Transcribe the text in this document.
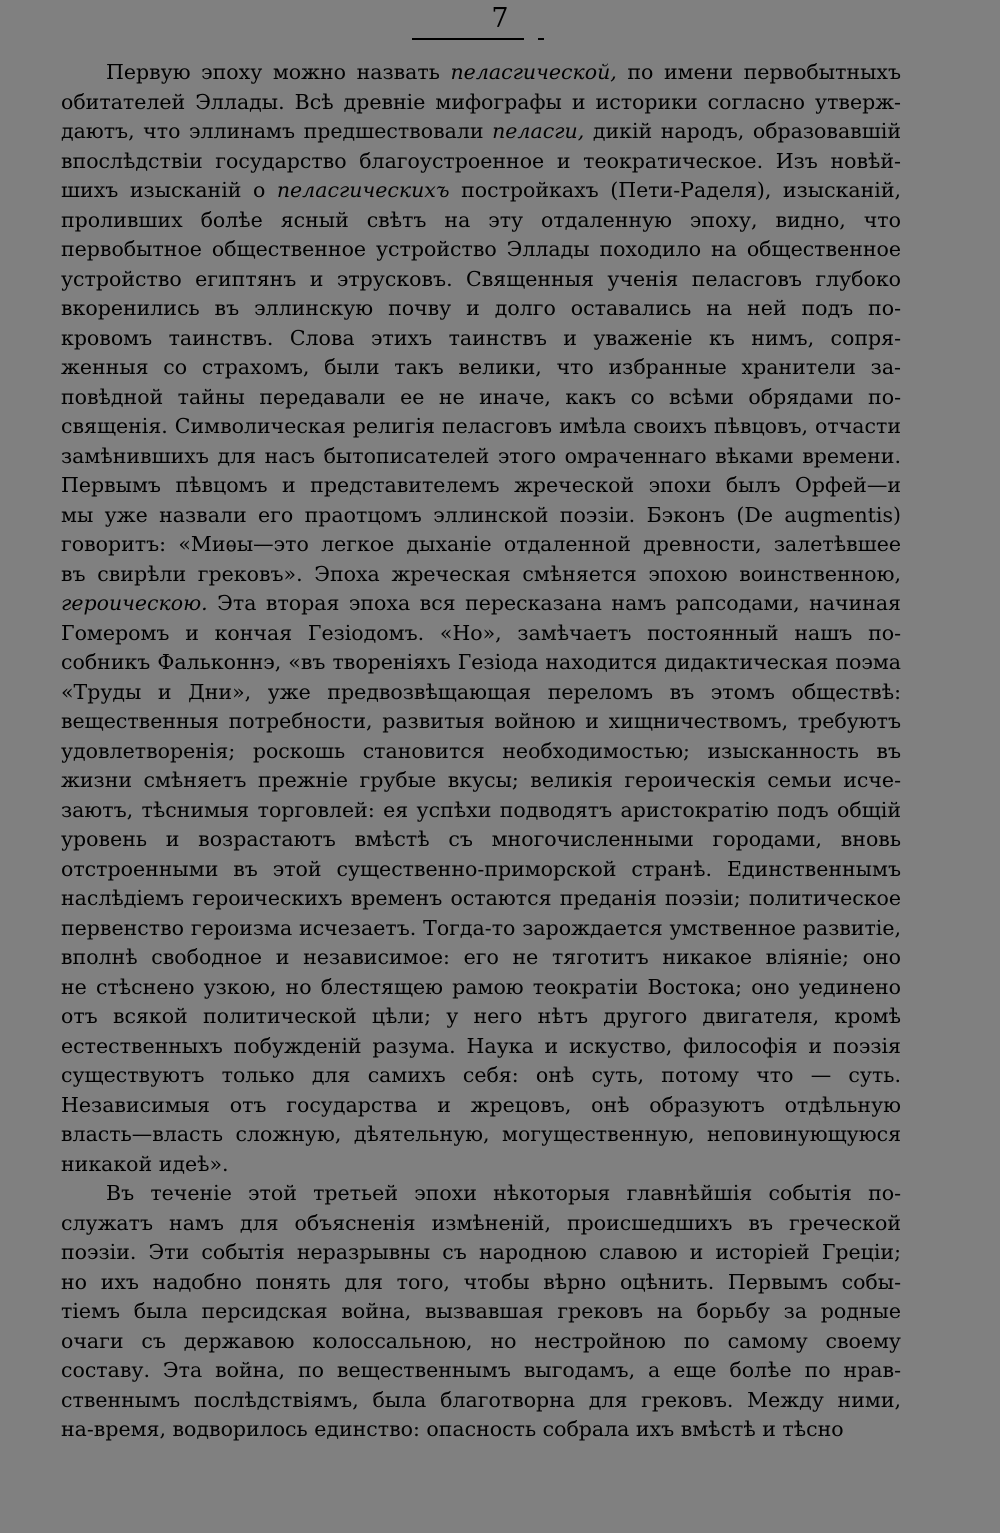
7
Первую эпоху можно назвать пеласгической, по имени первобытныхъ
обитателей Эллады. Всѣ древніе мифографы и историки согласно утверж-
даютъ, что эллинамъ предшествовали пеласги, дикій народъ, образовавшій
впослѣдствіи государство благоустроенное и теократическое. Изъ новѣй-
шихъ изысканій о пеласгическихъ постройкахъ (Пети-Раделя), изысканій,
проливших болѣе ясный свѣтъ на эту отдаленную эпоху, видно, что
первобытное общественное устройство Эллады походило на общественное
устройство египтянъ и этрусковъ. Священныя ученія пеласговъ глубоко
вкоренились въ эллинскую почву и долго оставались на ней подъ по-
кровомъ таинствъ. Слова этихъ таинствъ и уваженіе къ нимъ, сопря-
женныя со страхомъ, были такъ велики, что избранные хранители за-
повѣдной тайны передавали ее не иначе, какъ со всѣми обрядами по-
священія. Символическая религія пеласговъ имѣла своихъ пѣвцовъ, отчасти
замѣнившихъ для насъ бытописателей этого омраченнаго вѣками времени.
Первымъ пѣвцомъ и представителемъ жреческой эпохи былъ Орфей—и
мы уже назвали его праотцомъ эллинской поэзіи. Бэконъ (De augmentis)
говоритъ: «Миѳы—это легкое дыханіе отдаленной древности, залетѣвшее
въ свирѣли грековъ». Эпоха жреческая смѣняется эпохою воинственною,
героическою. Эта вторая эпоха вся пересказана намъ рапсодами, начиная
Гомеромъ и кончая Гезіодомъ. «Но», замѣчаетъ постоянный нашъ по-
собникъ Фальконнэ, «въ твореніяхъ Гезіода находится дидактическая поэма
«Труды и Дни», уже предвозвѣщающая переломъ въ этомъ обществѣ:
вещественныя потребности, развитыя войною и хищничествомъ, требуютъ
удовлетворенія; роскошь становится необходимостью; изысканность въ
жизни смѣняетъ прежніе грубые вкусы; великія героическія семьи исче-
заютъ, тѣснимыя торговлей: ея успѣхи подводятъ аристократію подъ общій
уровень и возрастаютъ вмѣстѣ съ многочисленными городами, вновь
отстроенными въ этой существенно-приморской странѣ. Единственнымъ
наслѣдіемъ героическихъ временъ остаются преданія поэзіи; политическое
первенство героизма исчезаетъ. Тогда-то зарождается умственное развитіе,
вполнѣ свободное и независимое: его не тяготитъ никакое вліяніе; оно
не стѣснено узкою, но блестящею рамою теократіи Востока; оно уединено
отъ всякой политической цѣли; у него нѣтъ другого двигателя, кромѣ
естественныхъ побужденій разума. Наука и искуство, философія и поэзія
существуютъ только для самихъ себя: онѣ суть, потому что — суть.
Независимыя отъ государства и жрецовъ, онѣ образуютъ отдѣльную
власть—власть сложную, дѣятельную, могущественную, неповинующуюся
никакой идеѣ».
Въ теченіе этой третьей эпохи нѣкоторыя главнѣйшія событія по-
служатъ намъ для объясненія измѣненій, происшедшихъ въ греческой
поэзіи. Эти событія неразрывны съ народною славою и исторіей Греціи;
но ихъ надобно понять для того, чтобы вѣрно оцѣнить. Первымъ собы-
тіемъ была персидская война, вызвавшая грековъ на борьбу за родные
очаги съ державою колоссальною, но нестройною по самому своему
составу. Эта война, по вещественнымъ выгодамъ, а еще болѣе по нрав-
ственнымъ послѣдствіямъ, была благотворна для грековъ. Между ними,
на-время, водворилось единство: опасность собрала ихъ вмѣстѣ и тѣсно
